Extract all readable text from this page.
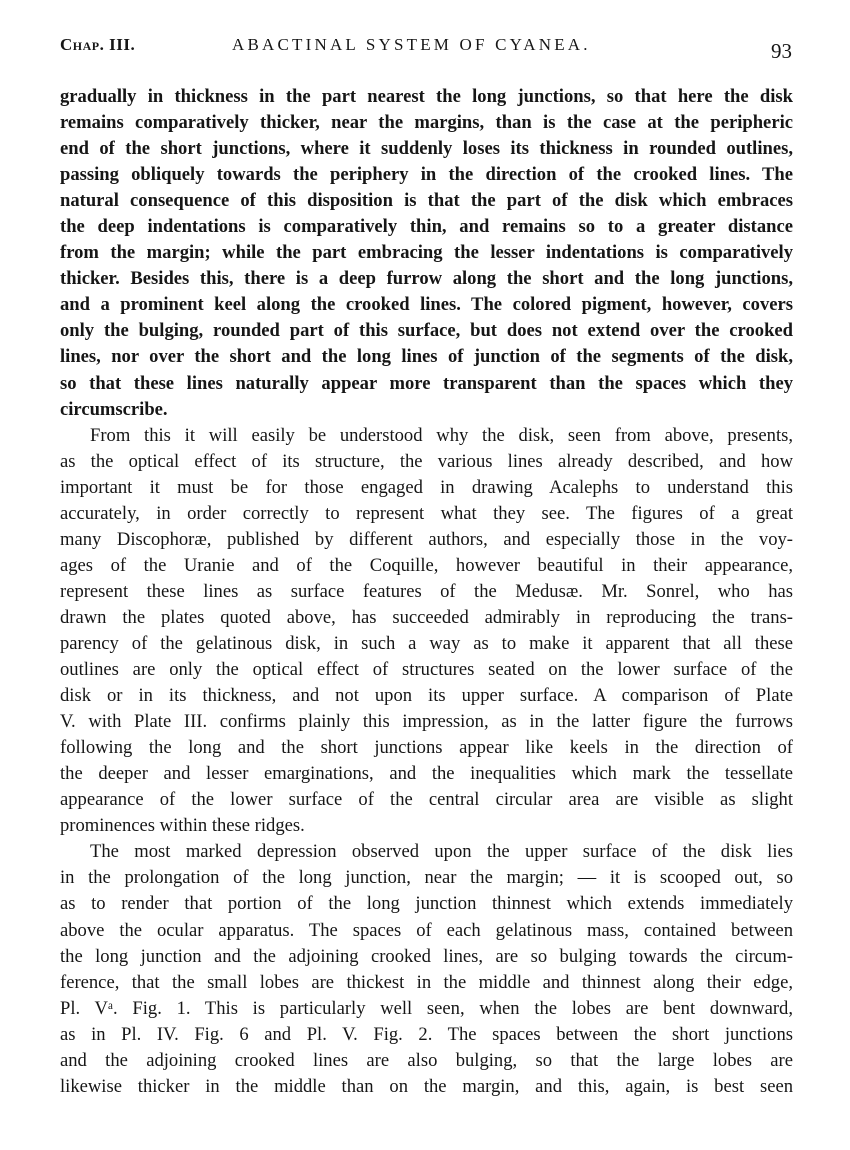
Chap. III.	ABACTINAL SYSTEM OF CYANEA.	93
gradually in thickness in the part nearest the long junctions, so that here the disk
remains comparatively thicker, near the margins, than is the case at the peripheric
end of the short junctions, where it suddenly loses its thickness in rounded outlines,
passing obliquely towards the periphery in the direction of the crooked lines. The
natural consequence of this disposition is that the part of the disk which embraces
the deep indentations is comparatively thin, and remains so to a greater distance
from the margin; while the part embracing the lesser indentations is comparatively
thicker. Besides this, there is a deep furrow along the short and the long junctions,
and a prominent keel along the crooked lines. The colored pigment, however, covers
only the bulging, rounded part of this surface, but does not extend over the crooked
lines, nor over the short and the long lines of junction of the segments of the disk,
so that these lines naturally appear more transparent than the spaces which they
circumscribe.
From this it will easily be understood why the disk, seen from above, presents,
as the optical effect of its structure, the various lines already described, and how
important it must be for those engaged in drawing Acalephs to understand this
accurately, in order correctly to represent what they see. The figures of a great
many Discophoræ, published by different authors, and especially those in the voy-
ages of the Uranie and of the Coquille, however beautiful in their appearance,
represent these lines as surface features of the Medusæ. Mr. Sonrel, who has
drawn the plates quoted above, has succeeded admirably in reproducing the trans-
parency of the gelatinous disk, in such a way as to make it apparent that all these
outlines are only the optical effect of structures seated on the lower surface of the
disk or in its thickness, and not upon its upper surface. A comparison of Plate
V. with Plate III. confirms plainly this impression, as in the latter figure the furrows
following the long and the short junctions appear like keels in the direction of
the deeper and lesser emarginations, and the inequalities which mark the tessellate
appearance of the lower surface of the central circular area are visible as slight
prominences within these ridges.
The most marked depression observed upon the upper surface of the disk lies
in the prolongation of the long junction, near the margin; — it is scooped out, so
as to render that portion of the long junction thinnest which extends immediately
above the ocular apparatus. The spaces of each gelatinous mass, contained between
the long junction and the adjoining crooked lines, are so bulging towards the circum-
ference, that the small lobes are thickest in the middle and thinnest along their edge,
Pl. Vᵃ. Fig. 1. This is particularly well seen, when the lobes are bent downward,
as in Pl. IV. Fig. 6 and Pl. V. Fig. 2. The spaces between the short junctions
and the adjoining crooked lines are also bulging, so that the large lobes are
likewise thicker in the middle than on the margin, and this, again, is best seen
